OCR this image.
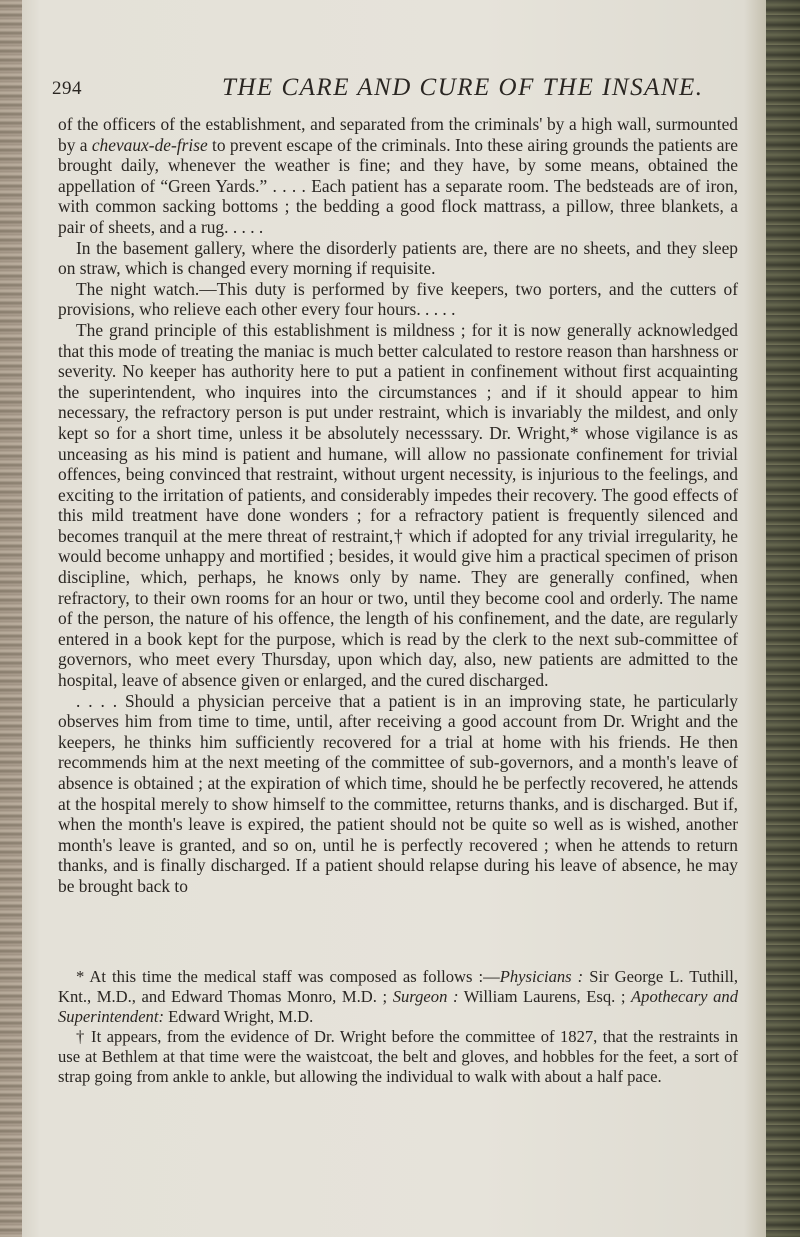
294	THE CARE AND CURE OF THE INSANE.

of the officers of the establishment, and separated from the criminals' by a high wall, surmounted by a chevaux-de-frise to prevent escape of the criminals. Into these airing grounds the patients are brought daily, whenever the weather is fine; and they have, by some means, obtained the appellation of “Green Yards.” . . . . Each patient has a separate room. The bedsteads are of iron, with common sacking bottoms ; the bedding a good flock mattrass, a pillow, three blankets, a pair of sheets, and a rug. . . . .

In the basement gallery, where the disorderly patients are, there are no sheets, and they sleep on straw, which is changed every morning if requisite.

The night watch.—This duty is performed by five keepers, two porters, and the cutters of provisions, who relieve each other every four hours. . . . .

The grand principle of this establishment is mildness ; for it is now generally acknowledged that this mode of treating the maniac is much better calculated to restore reason than harshness or severity. No keeper has authority here to put a patient in confinement without first acquainting the superintendent, who inquires into the circumstances ; and if it should appear to him necessary, the refractory person is put under restraint, which is invariably the mildest, and only kept so for a short time, unless it be absolutely necesssary. Dr. Wright,* whose vigilance is as unceasing as his mind is patient and humane, will allow no passionate confinement for trivial offences, being convinced that restraint, without urgent necessity, is injurious to the feelings, and exciting to the irritation of patients, and considerably impedes their recovery. The good effects of this mild treatment have done wonders ; for a refractory patient is frequently silenced and becomes tranquil at the mere threat of restraint,† which if adopted for any trivial irregularity, he would become unhappy and mortified ; besides, it would give him a practical specimen of prison discipline, which, perhaps, he knows only by name. They are generally confined, when refractory, to their own rooms for an hour or two, until they become cool and orderly. The name of the person, the nature of his offence, the length of his confinement, and the date, are regularly entered in a book kept for the purpose, which is read by the clerk to the next sub-committee of governors, who meet every Thursday, upon which day, also, new patients are admitted to the hospital, leave of absence given or enlarged, and the cured discharged.

. . . . Should a physician perceive that a patient is in an improving state, he particularly observes him from time to time, until, after receiving a good account from Dr. Wright and the keepers, he thinks him sufficiently recovered for a trial at home with his friends. He then recommends him at the next meeting of the committee of sub-governors, and a month's leave of absence is obtained ; at the expiration of which time, should he be perfectly recovered, he attends at the hospital merely to show himself to the committee, returns thanks, and is discharged. But if, when the month's leave is expired, the patient should not be quite so well as is wished, another month's leave is granted, and so on, until he is perfectly recovered ; when he attends to return thanks, and is finally discharged. If a patient should relapse during his leave of absence, he may be brought back to

* At this time the medical staff was composed as follows :—Physicians : Sir George L. Tuthill, Knt., M.D., and Edward Thomas Monro, M.D. ; Surgeon : William Laurens, Esq. ; Apothecary and Superintendent: Edward Wright, M.D.

† It appears, from the evidence of Dr. Wright before the committee of 1827, that the restraints in use at Bethlem at that time were the waistcoat, the belt and gloves, and hobbles for the feet, a sort of strap going from ankle to ankle, but allowing the individual to walk with about a half pace.
